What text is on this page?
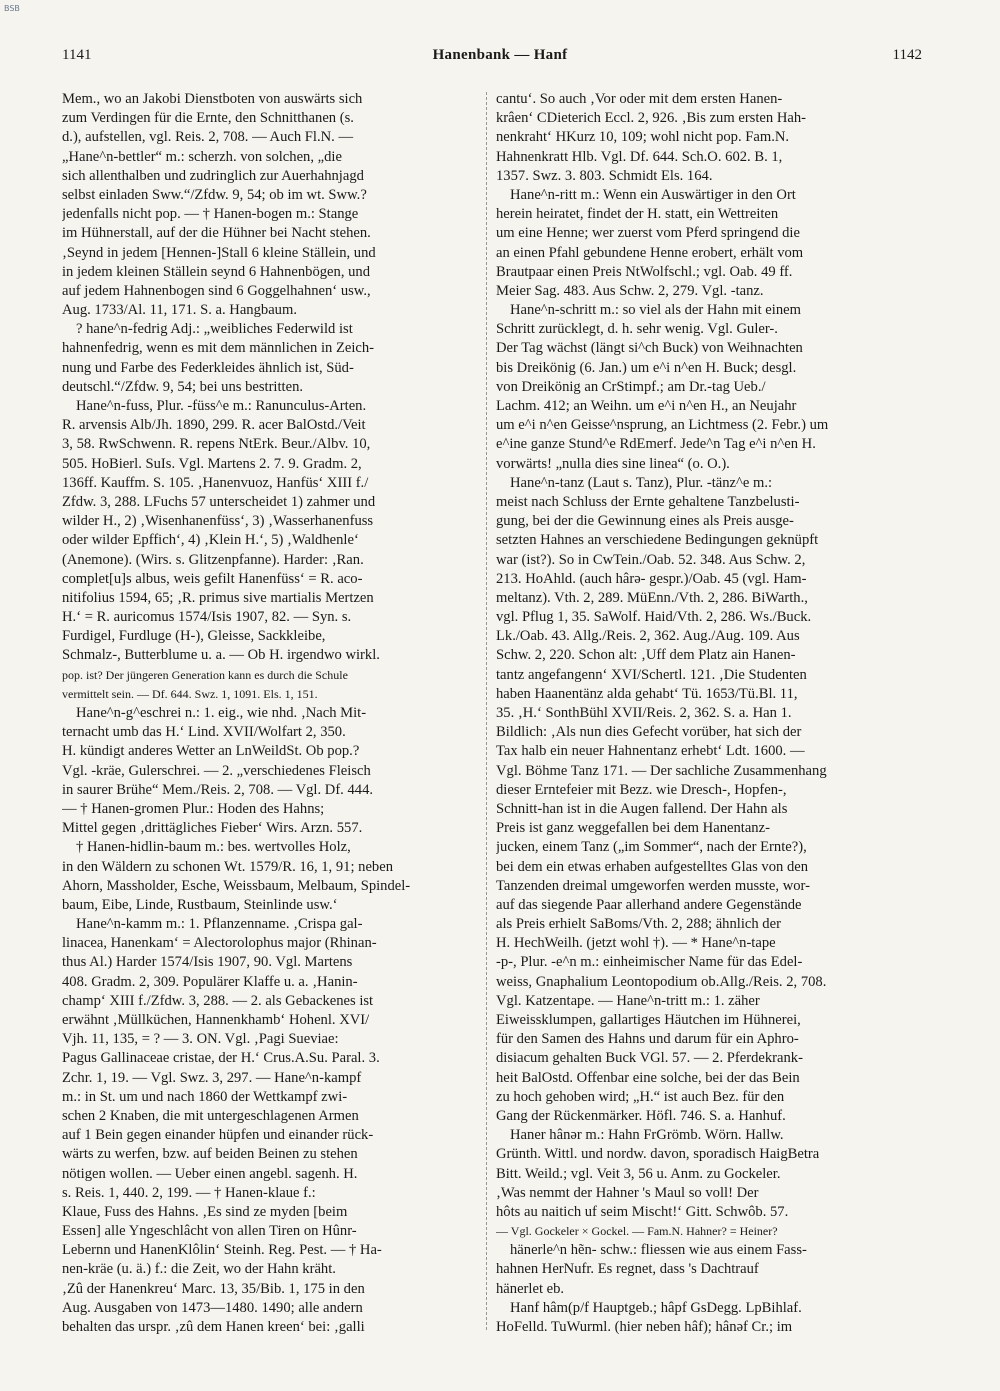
BSB
1141	Hanenbank — Hanf	1142
Mem., wo an Jakobi Dienstboten von auswärts sich
zum Verdingen für die Ernte, den Schnitthanen (s.
d.), aufstellen, vgl. Reis. 2, 708. — Auch Fl.N. —
„Hane^n-bettler“ m.: scherzh. von solchen, „die
sich allenthalben und zudringlich zur Auerhahnjagd
selbst einladen Sww.“/Zfdw. 9, 54; ob im wt. Sww.?
jedenfalls nicht pop. — † Hanen-bogen m.: Stange
im Hühnerstall, auf der die Hühner bei Nacht stehen.
‚Seynd in jedem [Hennen-]Stall 6 kleine Ställein, und
in jedem kleinen Ställein seynd 6 Hahnenbögen, und
auf jedem Hahnenbogen sind 6 Goggelhahnen‘ usw.,
Aug. 1733/Al. 11, 171. S. a. Hangbaum.
? hane^n-fedrig Adj.: „weibliches Federwild ist
hahnenfedrig, wenn es mit dem männlichen in Zeich-
nung und Farbe des Federkleides ähnlich ist, Süd-
deutschl.“/Zfdw. 9, 54; bei uns bestritten.
Hane^n-fuss, Plur. -füss^e m.: Ranunculus-Arten.
R. arvensis Alb/Jh. 1890, 299. R. acer BalOstd./Veit
3, 58. RwSchwenn. R. repens NtErk. Beur./Albv. 10,
505. HoBierl. SuIs. Vgl. Martens 2. 7. 9. Gradm. 2,
136ff. Kauffm. S. 105. ‚Hanenvuoz, Hanfüs‘ XIII f./
Zfdw. 3, 288. LFuchs 57 unterscheidet 1) zahmer und
wilder H., 2) ‚Wisenhanenfüss‘, 3) ‚Wasserhanenfuss
oder wilder Epffich‘, 4) ‚Klein H.‘, 5) ‚Waldhenle‘
(Anemone). (Wirs. s. Glitzenpfanne). Harder: ‚Ran.
complet[u]s albus, weis gefilt Hanenfüss‘ = R. aco-
nitifolius 1594, 65; ‚R. primus sive martialis Mertzen
H.‘ = R. auricomus 1574/Isis 1907, 82. — Syn. s.
Furdigel, Furdluge (H-), Gleisse, Sackkleibe,
Schmalz-, Butterblume u. a. — Ob H. irgendwo wirkl.
pop. ist? Der jüngeren Generation kann es durch die Schule
vermittelt sein. — Df. 644. Swz. 1, 1091. Els. 1, 151.
Hane^n-g^eschrei n.: 1. eig., wie nhd. ‚Nach Mit-
ternacht umb das H.‘ Lind. XVII/Wolfart 2, 350.
H. kündigt anderes Wetter an LnWeildSt. Ob pop.?
Vgl. -kräe, Gulerschrei. — 2. „verschiedenes Fleisch
in saurer Brühe“ Mem./Reis. 2, 708. — Vgl. Df. 444.
— † Hanen-gromen Plur.: Hoden des Hahns;
Mittel gegen ‚drittägliches Fieber‘ Wirs. Arzn. 557.
† Hanen-hidlin-baum m.: bes. wertvolles Holz,
in den Wäldern zu schonen Wt. 1579/R. 16, 1, 91; neben
Ahorn, Massholder, Esche, Weissbaum, Melbaum, Spindel-
baum, Eibe, Linde, Rustbaum, Steinlinde usw.‘
Hane^n-kamm m.: 1. Pflanzenname. ‚Crispa gal-
linacea, Hanenkam‘ = Alectorolophus major (Rhinan-
thus Al.) Harder 1574/Isis 1907, 90. Vgl. Martens
408. Gradm. 2, 309. Populärer Klaffe u. a. ‚Hanin-
champ‘ XIII f./Zfdw. 3, 288. — 2. als Gebackenes ist
erwähnt ‚Müllküchen, Hannenkhamb‘ Hohenl. XVI/
Vjh. 11, 135, = ? — 3. ON. Vgl. ‚Pagi Sueviae:
Pagus Gallinaceae cristae, der H.‘ Crus.A.Su. Paral. 3.
Zchr. 1, 19. — Vgl. Swz. 3, 297. — Hane^n-kampf
m.: in St. um und nach 1860 der Wettkampf zwi-
schen 2 Knaben, die mit untergeschlagenen Armen
auf 1 Bein gegen einander hüpfen und einander rück-
wärts zu werfen, bzw. auf beiden Beinen zu stehen
nötigen wollen. — Ueber einen angebl. sagenh. H.
s. Reis. 1, 440. 2, 199. — † Hanen-klaue f.:
Klaue, Fuss des Hahns. ‚Es sind ze myden [beim
Essen] alle Yngeschlâcht von allen Tiren on Hûnr-
Lebernn und HanenKlôlin‘ Steinh. Reg. Pest. — † Ha-
nen-kräe (u. ä.) f.: die Zeit, wo der Hahn kräht.
‚Zû der Hanenkreu‘ Marc. 13, 35/Bib. 1, 175 in den
Aug. Ausgaben von 1473—1480. 1490; alle andern
behalten das urspr. ‚zû dem Hanen kreen‘ bei: ‚galli
cantu‘. So auch ‚Vor oder mit dem ersten Hanen-
krâen‘ CDieterich Eccl. 2, 926. ‚Bis zum ersten Hah-
nenkraht‘ HKurz 10, 109; wohl nicht pop. Fam.N.
Hahnenkratt Hlb. Vgl. Df. 644. Sch.O. 602. B. 1,
1357. Swz. 3. 803. Schmidt Els. 164.
Hane^n-ritt m.: Wenn ein Auswärtiger in den Ort
herein heiratet, findet der H. statt, ein Wettreiten
um eine Henne; wer zuerst vom Pferd springend die
an einen Pfahl gebundene Henne erobert, erhält vom
Brautpaar einen Preis NtWolfschl.; vgl. Oab. 49 ff.
Meier Sag. 483. Aus Schw. 2, 279. Vgl. -tanz.
Hane^n-schritt m.: so viel als der Hahn mit einem
Schritt zurücklegt, d. h. sehr wenig. Vgl. Guler-.
Der Tag wächst (längt si^ch Buck) von Weihnachten
bis Dreikönig (6. Jan.) um e^i n^en H. Buck; desgl.
von Dreikönig an CrStimpf.; am Dr.-tag Ueb./
Lachm. 412; an Weihn. um e^i n^en H., an Neujahr
um e^i n^en Geisse^nsprung, an Lichtmess (2. Febr.) um
e^ine ganze Stund^e RdEmerf. Jede^n Tag e^i n^en H.
vorwärts! „nulla dies sine linea“ (o. O.).
Hane^n-tanz (Laut s. Tanz), Plur. -tänz^e m.:
meist nach Schluss der Ernte gehaltene Tanzbelusti-
gung, bei der die Gewinnung eines als Preis ausge-
setzten Hahnes an verschiedene Bedingungen geknüpft
war (ist?). So in CwTein./Oab. 52. 348. Aus Schw. 2,
213. HoAhld. (auch hârə- gespr.)/Oab. 45 (vgl. Ham-
meltanz). Vth. 2, 289. MüEnn./Vth. 2, 286. BiWarth.,
vgl. Pflug 1, 35. SaWolf. Haid/Vth. 2, 286. Ws./Buck.
Lk./Oab. 43. Allg./Reis. 2, 362. Aug./Aug. 109. Aus
Schw. 2, 220. Schon alt: ‚Uff dem Platz ain Hanen-
tantz angefangenn‘ XVI/Schertl. 121. ‚Die Studenten
haben Haanentänz alda gehabt‘ Tü. 1653/Tü.Bl. 11,
35. ‚H.‘ SonthBühl XVII/Reis. 2, 362. S. a. Han 1.
Bildlich: ‚Als nun dies Gefecht vorüber, hat sich der
Tax halb ein neuer Hahnentanz erhebt‘ Ldt. 1600. —
Vgl. Böhme Tanz 171. — Der sachliche Zusammenhang
dieser Erntefeier mit Bezz. wie Dresch-, Hopfen-,
Schnitt-han ist in die Augen fallend. Der Hahn als
Preis ist ganz weggefallen bei dem Hanentanz-
jucken, einem Tanz („im Sommer“, nach der Ernte?),
bei dem ein etwas erhaben aufgestelltes Glas von den
Tanzenden dreimal umgeworfen werden musste, wor-
auf das siegende Paar allerhand andere Gegenstände
als Preis erhielt SaBoms/Vth. 2, 288; ähnlich der
H. HechWeilh. (jetzt wohl †). — * Hane^n-tape
-p-, Plur. -e^n m.: einheimischer Name für das Edel-
weiss, Gnaphalium Leontopodium ob.Allg./Reis. 2, 708.
Vgl. Katzentape. — Hane^n-tritt m.: 1. zäher
Eiweissklumpen, gallartiges Häutchen im Hühnerei,
für den Samen des Hahns und darum für ein Aphro-
disiacum gehalten Buck VGl. 57. — 2. Pferdekrank-
heit BalOstd. Offenbar eine solche, bei der das Bein
zu hoch gehoben wird; „H.“ ist auch Bez. für den
Gang der Rückenmärker. Höfl. 746. S. a. Hanhuf.
Haner hânər m.: Hahn FrGrömb. Wörn. Hallw.
Grünth. Wittl. und nordw. davon, sporadisch HaigBetra
Bitt. Weild.; vgl. Veit 3, 56 u. Anm. zu Gockeler.
‚Was nemmt der Hahner 's Maul so voll! Der
hôts au naitich uf seim Mischt!‘ Gitt. Schwôb. 57.
— Vgl. Gockeler × Gockel. — Fam.N. Hahner? = Heiner?
hänerle^n hẽn- schw.: fliessen wie aus einem Fass-
hahnen HerNufr. Es regnet, dass 's Dachtrauf
hänerlet eb.
Hanf hâm(p/f Hauptgeb.; hâpf GsDegg. LpBihlaf.
HoFelld. TuWurml. (hier neben hâf); hânəf Cr.; im
